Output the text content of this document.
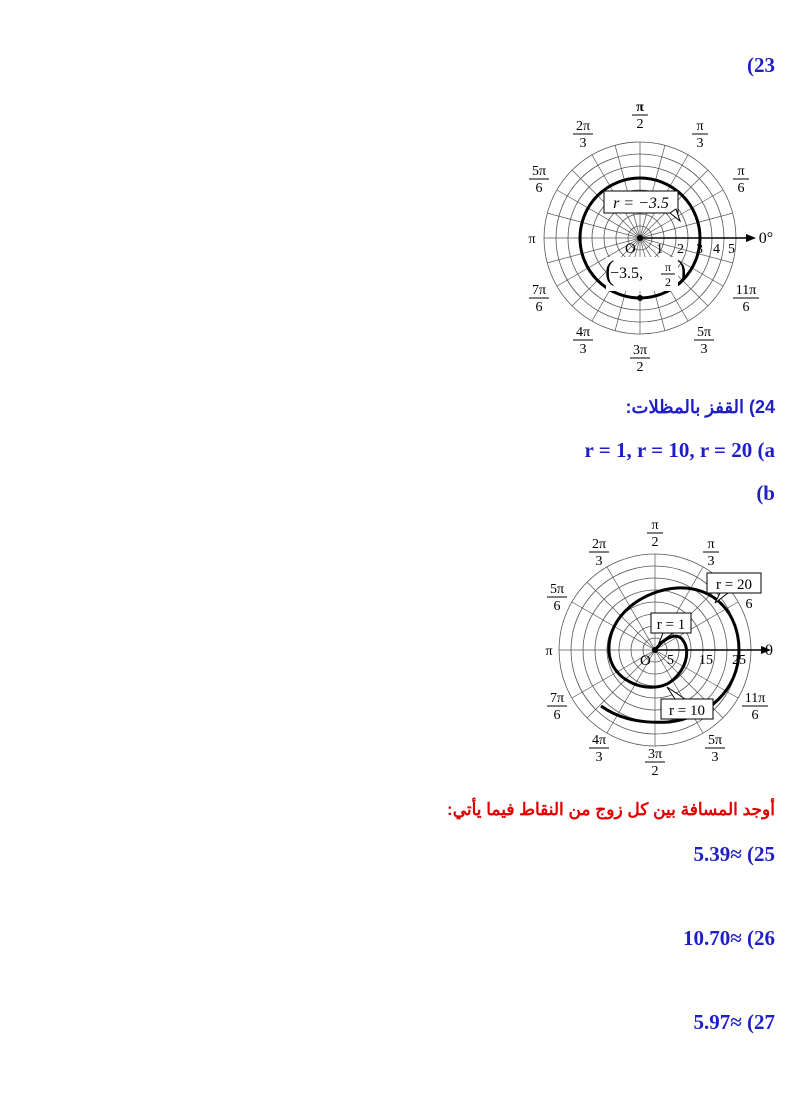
(23
r = −3.5
−3.5, π
2
( )
O 1 2 3 4 5
π
2
2π
3
π
3
5π
6
π
6
π	0°
7π
6
11π
6
4π
3
5π
3
3π
2
24) القفز بالمظلات:
r = 1, r = 10, r = 20 (a
(b
r = 20
r = 1
r = 10
O 5 15 25
π
2
2π
3
π
3
5π
6	6
π	0
7π
6
11π
6
4π
3
5π
3
3π
2
أوجد المسافة بين كل زوج من النقاط فيما يأتي:
5.39≈ (25
10.70≈ (26
5.97≈ (27
